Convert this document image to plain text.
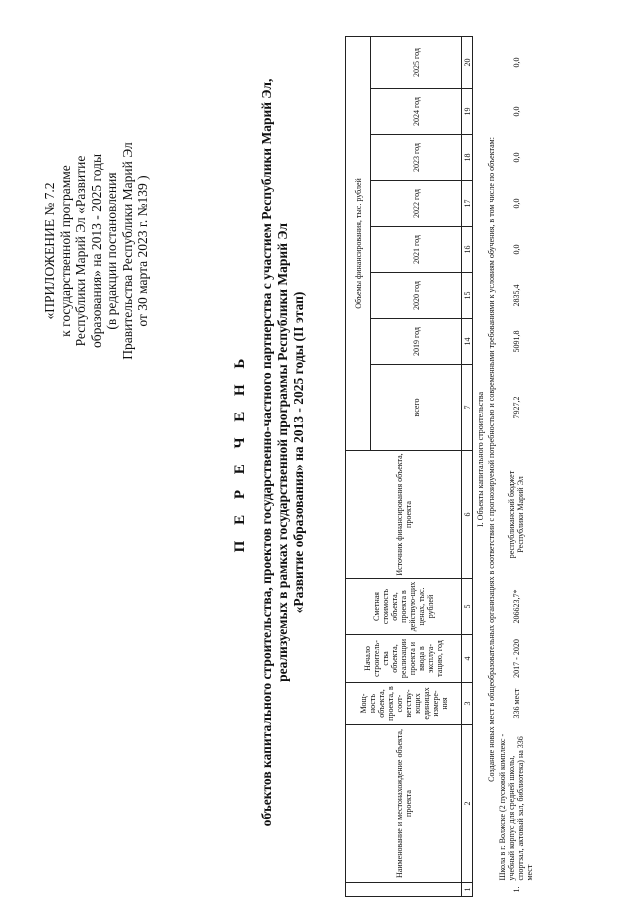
«ПРИЛОЖЕНИЕ № 7.2 к государственной программе Республики Марий Эл «Развитие образования» на 2013 - 2025 годы (в редакции постановления Правительства Республики Марий Эл от 30 марта 2023 г. №139 )
П Е Р Е Ч Е Н Ь объектов капитального строительства, проектов государственно-частного партнерства с участием Республики Марий Эл, реализуемых в рамках государственной программы Республики Марий Эл «Развитие образования» на 2013 - 2025 годы (II этап)
	Наименование и местонахождение объекта, проекта	Мощ-ность объекта, проекта, в соот-ветству-ющих единицах измере-ния	Начало строитель-ства объекта, реализации проекта и ввода в эксплуа-тацию, год	Сметная стоимость объекта, проекта в действую-щих ценах, тыс. рублей	Источник финансирования объекта, проекта	Объемы финансирования, тыс. рублей							
						всего	2019 год	2020 год	2021 год	2022 год	2023 год	2024 год	2025 год
1	2	3	4	5	6	7	14	15	16	17	18	19	20
	I. Объекты капитального строительства												
	Создание новых мест в общеобразовательных организациях в соответствии с прогнозируемой потребностью и современными требованиями к условиям обучения, в том числе по объектам:												
1.	Школа в г. Волжске (2 пусковой комплекс - учебный корпус для средней школы, спортзал, актовый зал, библиотека) на 336 мест	336 мест	2017 - 2020	206623,7*	республиканский бюджет Республики Марий Эл	7927,2	5091,8	2835,4	0,0	0,0	0,0	0,0	0,0
